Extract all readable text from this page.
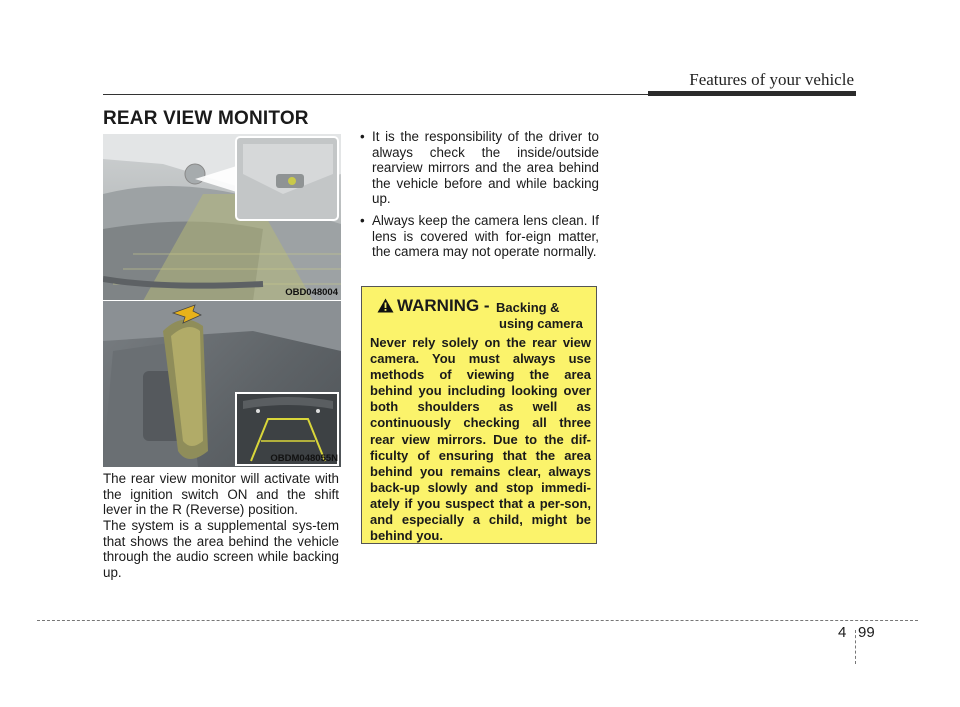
Features of your vehicle
REAR VIEW MONITOR
OBD048004
OBDM048055N
The rear view monitor will activate with the ignition switch ON and the shift lever in the R (Reverse) position.
The system is a supplemental sys-tem that shows the area behind the vehicle through the audio screen while backing up.
• It is the responsibility of the driver to always check the inside/outside rearview mirrors and the area behind the vehicle before and while backing up.
• Always keep the camera lens clean. If lens is covered with for-eign matter, the camera may not operate normally.
WARNING - Backing &
using camera
Never rely solely on the rear view camera. You must always use methods of viewing the area behind you including looking over both shoulders as well as continuously checking all three rear view mirrors. Due to the dif-ficulty of ensuring that the area behind you remains clear, always back-up slowly and stop immedi-ately if you suspect that a per-son, and especially a child, might be behind you.
4 99
